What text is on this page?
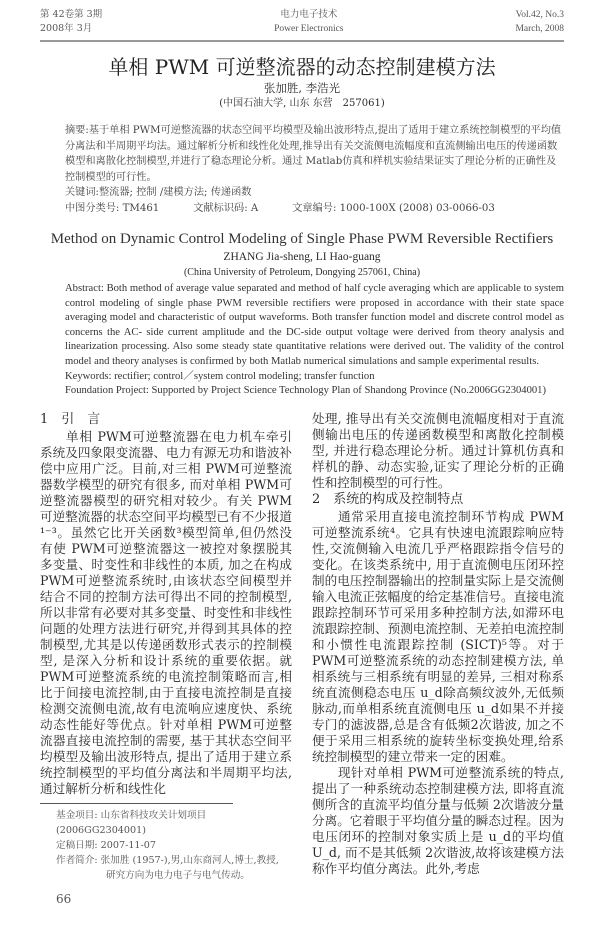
第 42卷第 3期
2008年 3月
电力电子技术
Power Electronics
Vol.42, No.3
March, 2008
单相 PWM 可逆整流器的动态控制建模方法
张加胜, 李浩光
(中国石油大学, 山东 东营　257061)
摘要:基于单相 PWM可逆整流器的状态空间平均模型及输出波形特点,提出了适用于建立系统控制模型的平均值分离法和半周期平均法。通过解析分析和线性化处理,推导出有关交流侧电流幅度和直流侧输出电压的传递函数模型和离散化控制模型,并进行了稳态理论分析。通过 Matlab仿真和样机实验结果证实了理论分析的正确性及控制模型的可行性。
关键词:整流器; 控制 ∕建模方法; 传递函数
中图分类号: TM461	文献标识码: A	文章编号: 1000-100X (2008) 03-0066-03
Method on Dynamic Control Modeling of Single Phase PWM Reversible Rectifiers
ZHANG Jia-sheng, LI Hao-guang
(China University of Petroleum, Dongying 257061, China)
Abstract: Both method of average value separated and method of half cycle averaging which are applicable to system control modeling of single phase PWM reversible rectifiers were proposed in accordance with their state space averaging model and characteristic of output waveforms. Both transfer function model and discrete control model as concerns the AC- side current amplitude and the DC-side output voltage were derived from theory analysis and linearization processing. Also some steady state quantitative relations were derived out. The validity of the control model and theory analyses is confirmed by both Matlab numerical simulations and sample experimental results.
Keywords: rectifier; control／system control modeling; transfer function
Foundation Project: Supported by Project Science Technology Plan of Shandong Province (No.2006GG2304001)
1　引　言
单相 PWM可逆整流器在电力机车牵引系统及四象限变流器、电力有源无功和谐波补偿中应用广泛。目前,对三相 PWM可逆整流器数学模型的研究有很多, 而对单相 PWM可逆整流器模型的研究相对较少。有关 PWM可逆整流器的状态空间平均模型已有不少报道¹⁻³。虽然它比开关函数³模型简单,但仍然没有使 PWM可逆整流器这一被控对象摆脱其多变量、时变性和非线性的本质, 加之在构成PWM可逆整流系统时,由该状态空间模型并结合不同的控制方法可得出不同的控制模型, 所以非常有必要对其多变量、时变性和非线性问题的处理方法进行研究,并得到其具体的控制模型,尤其是以传递函数形式表示的控制模型, 是深入分析和设计系统的重要依据。就 PWM可逆整流系统的电流控制策略而言,相比于间接电流控制,由于直接电流控制是直接检测交流侧电流,故有电流响应速度快、系统动态性能好等优点。针对单相 PWM可逆整流器直接电流控制的需要, 基于其状态空间平均模型及输出波形特点, 提出了适用于建立系统控制模型的平均值分离法和半周期平均法, 通过解析分析和线性化
基金项目: 山东省科技攻关计划项目 (2006GG2304001)
定稿日期: 2007-11-07
作者简介: 张加胜 (1957-),男,山东商河人,博士,教授,
研究方向为电力电子与电气传动。
66
处理, 推导出有关交流侧电流幅度相对于直流侧输出电压的传递函数模型和离散化控制模型, 并进行稳态理论分析。通过计算机仿真和样机的静、动态实验,证实了理论分析的正确性和控制模型的可行性。
2　系统的构成及控制特点
通常采用直接电流控制环节构成 PWM可逆整流系统⁴。它具有快速电流跟踪响应特性,交流侧输入电流几乎严格跟踪指令信号的变化。在该类系统中, 用于直流侧电压闭环控制的电压控制器输出的控制量实际上是交流侧输入电流正弦幅度的给定基准信号。直接电流跟踪控制环节可采用多种控制方法,如滞环电流跟踪控制、预测电流控制、无差拍电流控制和小惯性电流跟踪控制 (SICT)⁵等。对于 PWM可逆整流系统的动态控制建模方法, 单相系统与三相系统有明显的差异, 三相对称系统直流侧稳态电压 u_d除高频纹波外,无低频脉动,而单相系统直流侧电压 u_d如果不并接专门的滤波器,总是含有低频2次谐波, 加之不便于采用三相系统的旋转坐标变换处理,给系统控制模型的建立带来一定的困难。
现针对单相 PWM可逆整流系统的特点, 提出了一种系统动态控制建模方法, 即将直流侧所含的直流平均值分量与低频 2次谐波分量分离。它着眼于平均值分量的瞬态过程。因为电压闭环的控制对象实质上是 u_d的平均值 U_d, 而不是其低频 2次谐波,故将该建模方法称作平均值分离法。此外,考虑
